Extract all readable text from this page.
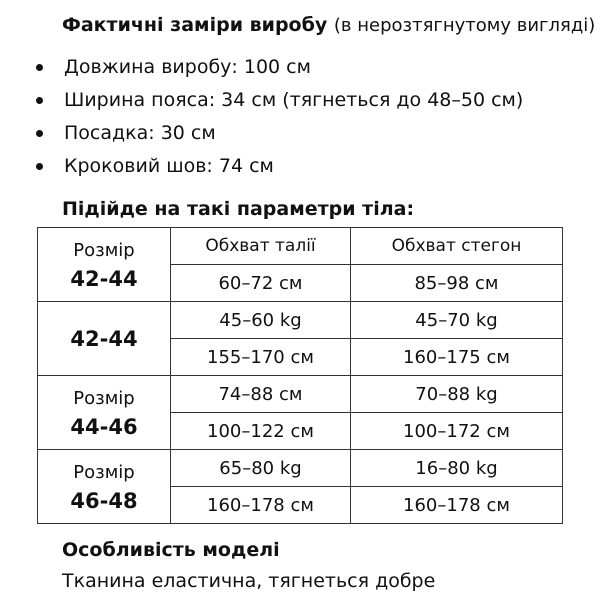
Фактичні заміри виробу (в нерозтягнутому вигляді)
Довжина виробу: 100 см
Ширина пояса: 34 см (тягнеться до 48–50 см)
Посадка: 30 см
Кроковий шов: 74 см
Підійде на такі параметри тіла:
Розмір
42-44	Обхват талії	Обхват стегон
	60–72 см	85–98 см

42-44	45–60 kg	45–70 kg
	155–170 см	160–175 см

Розмір
44-46	74–88 см	70–88 kg
	100–122 см	100–172 см

Розмір
46-48	65–80 kg	16–80 kg
	160–178 см	160–178 см
Особливість моделі
Тканина еластична, тягнеться добре
